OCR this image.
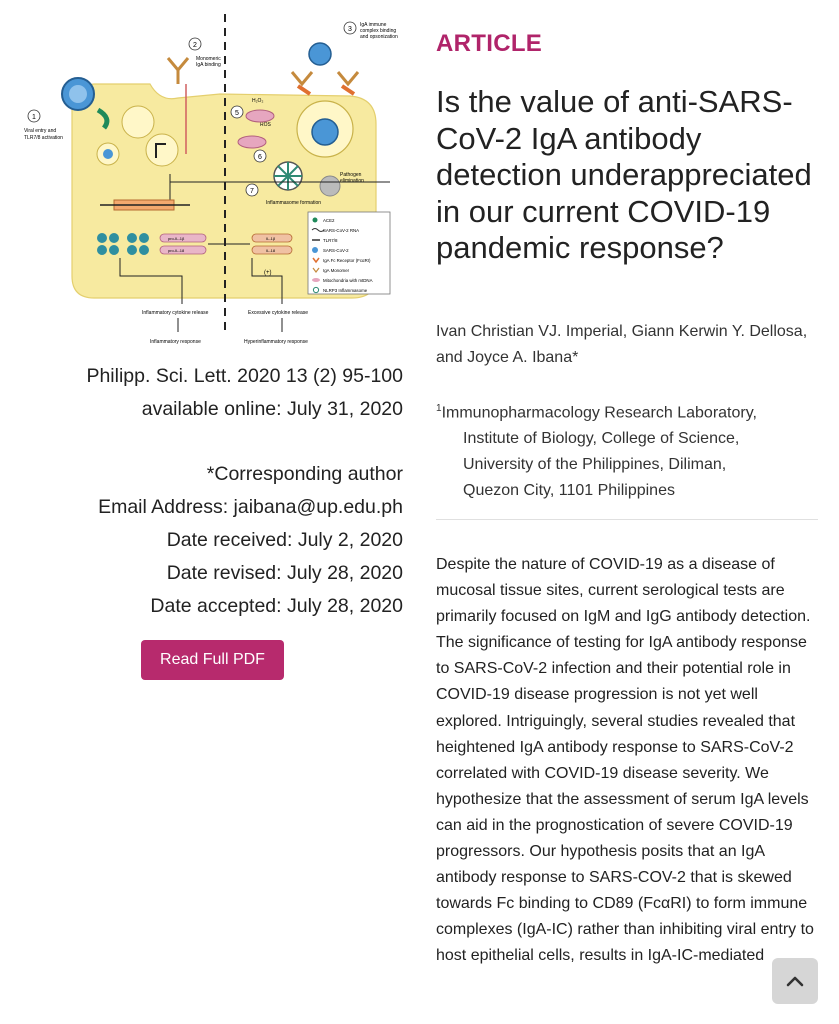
1
Viral entry and
TLR7/8 activation
2
Monomeric
IgA binding
3
IgA immune
complex binding
and opsonization
5
H₂O₂
ROS
6
Inflammasome formation
Pathogen
elimination
7
pro-IL-1β
pro-IL-18
IL-1β
IL-18
(+)
ACE2
SARS-CoV-2 RNA
TLR7/8
SARS-CoV-2
IgA Fc Receptor (FcαRI)
IgA Monomer
Mitochondria with mtDNA
NLRP3 Inflammasome
Inflammatory cytokine release
Inflammatory response
Excessive cytokine release
Hyperinflammatory response
Philipp. Sci. Lett. 2020 13 (2) 95-100
available online: July 31, 2020
*Corresponding author
Email Address: jaibana@up.edu.ph
Date received: July 2, 2020
Date revised: July 28, 2020
Date accepted: July 28, 2020
Read Full PDF
ARTICLE
Is the value of anti-SARS-CoV-2 IgA antibody detection underappreciated in our current COVID-19 pandemic response?
Ivan Christian VJ. Imperial, Giann Kerwin Y. Dellosa, and Joyce A. Ibana*
$^1$Immunopharmacology Research Laboratory,
Institute of Biology, College of Science,
University of the Philippines, Diliman,
Quezon City, 1101 Philippines
Despite the nature of COVID-19 as a disease of mucosal tissue sites, current serological tests are primarily focused on IgM and IgG antibody detection. The significance of testing for IgA antibody response to SARS-CoV-2 infection and their potential role in COVID-19 disease progression is not yet well explored. Intriguingly, several studies revealed that heightened IgA antibody response to SARS-CoV-2 correlated with COVID-19 disease severity. We hypothesize that the assessment of serum IgA levels can aid in the prognostication of severe COVID-19 progressors. Our hypothesis posits that an IgA antibody response to SARS-COV-2 that is skewed towards Fc binding to CD89 (FcαRI) to form immune complexes (IgA-IC) rather than inhibiting viral entry to host epithelial cells, results in IgA-IC-mediated
